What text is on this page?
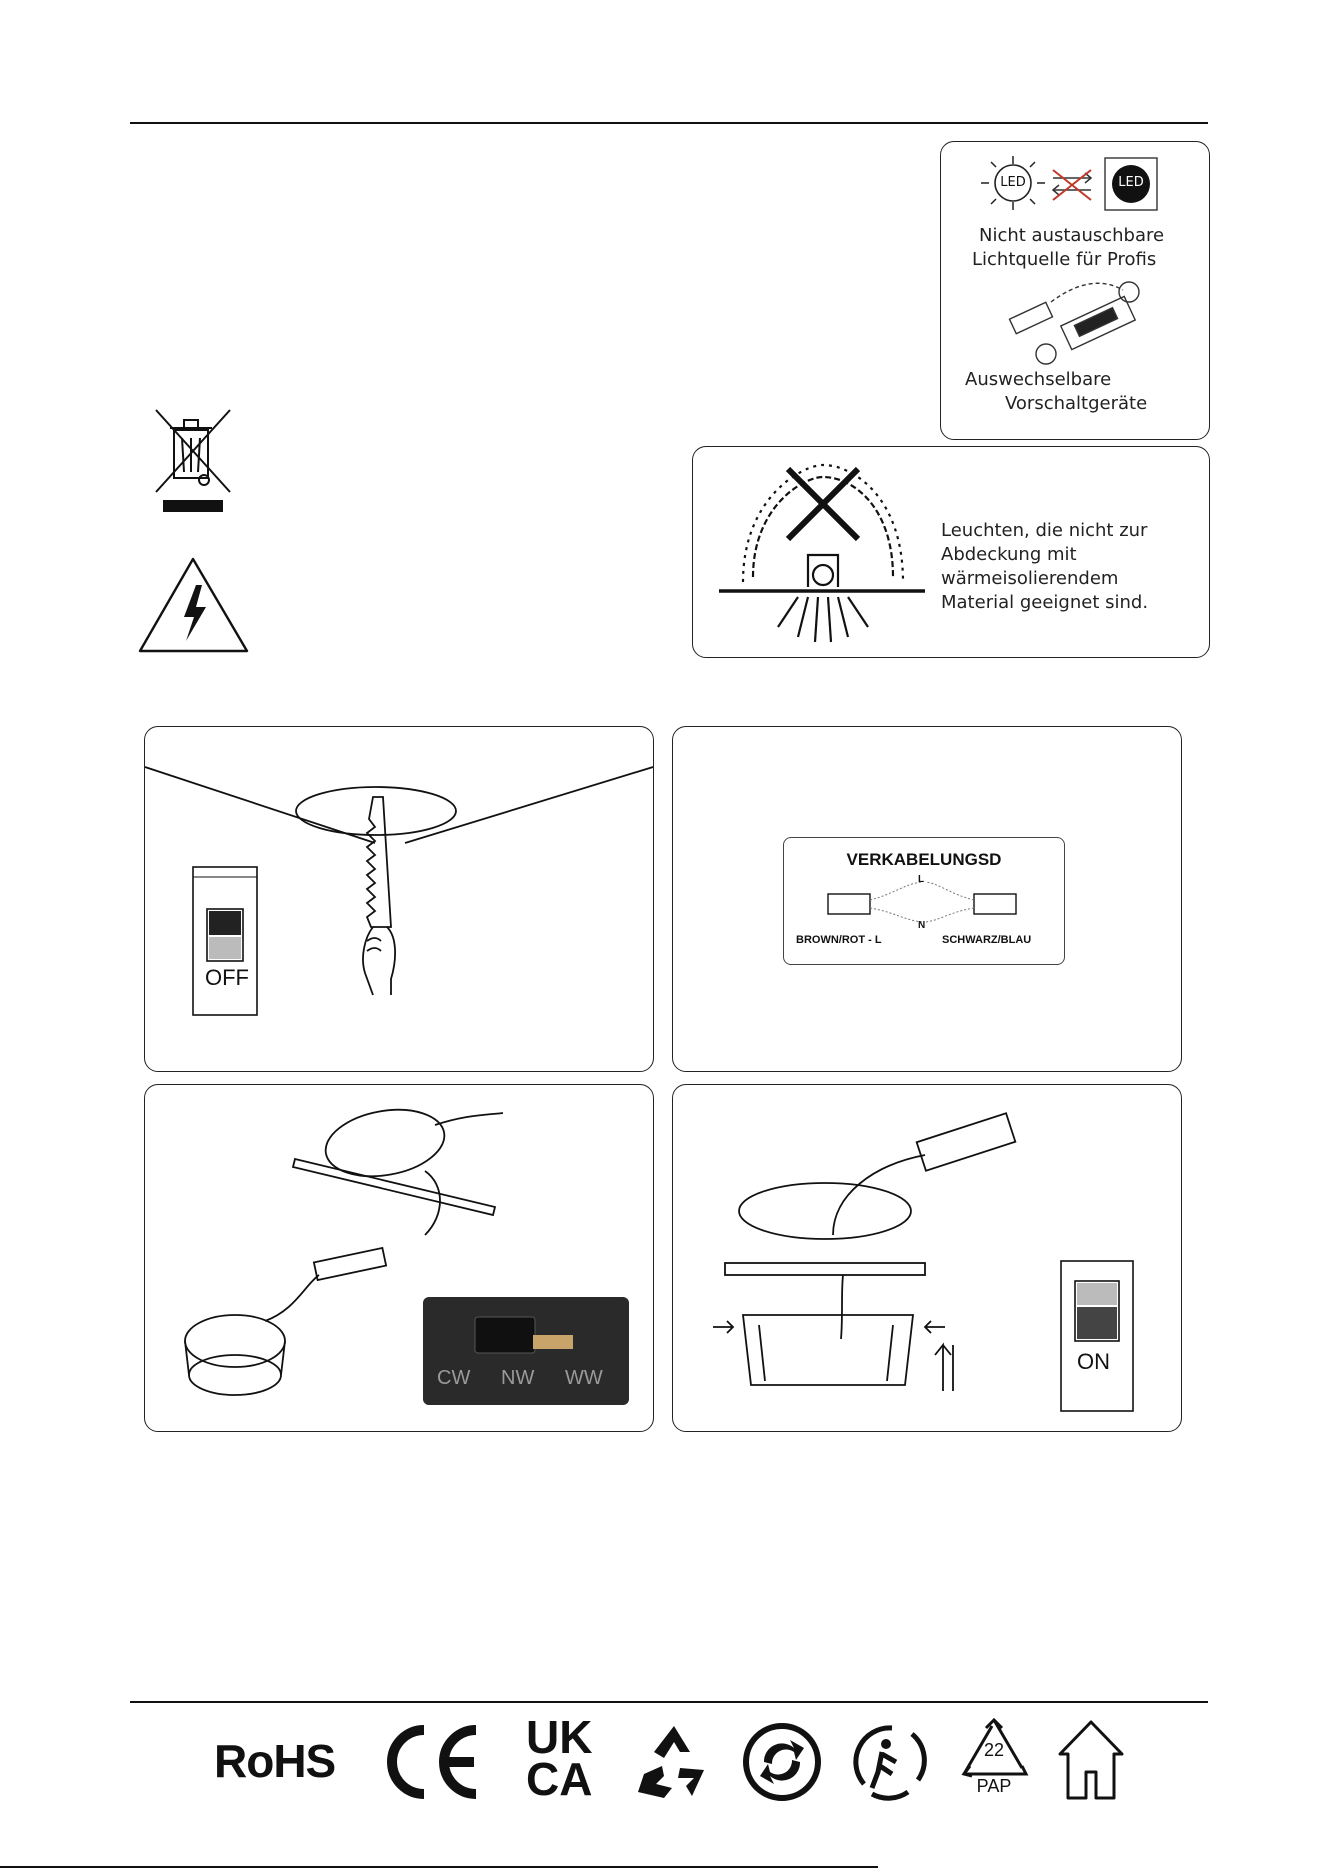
LED	LED
Nicht austauschbare
Lichtquelle für Profis
Auswechselbare
Vorschaltgeräte
Leuchten, die nicht zur
Abdeckung mit
wärmeisolierendem
Material geeignet sind.
OFF
VERKABELUNGSD
L
N
BROWN/ROT - L	SCHWARZ/BLAU
CW NW WW
ON
RoHS	UK
CA
22
PAP
